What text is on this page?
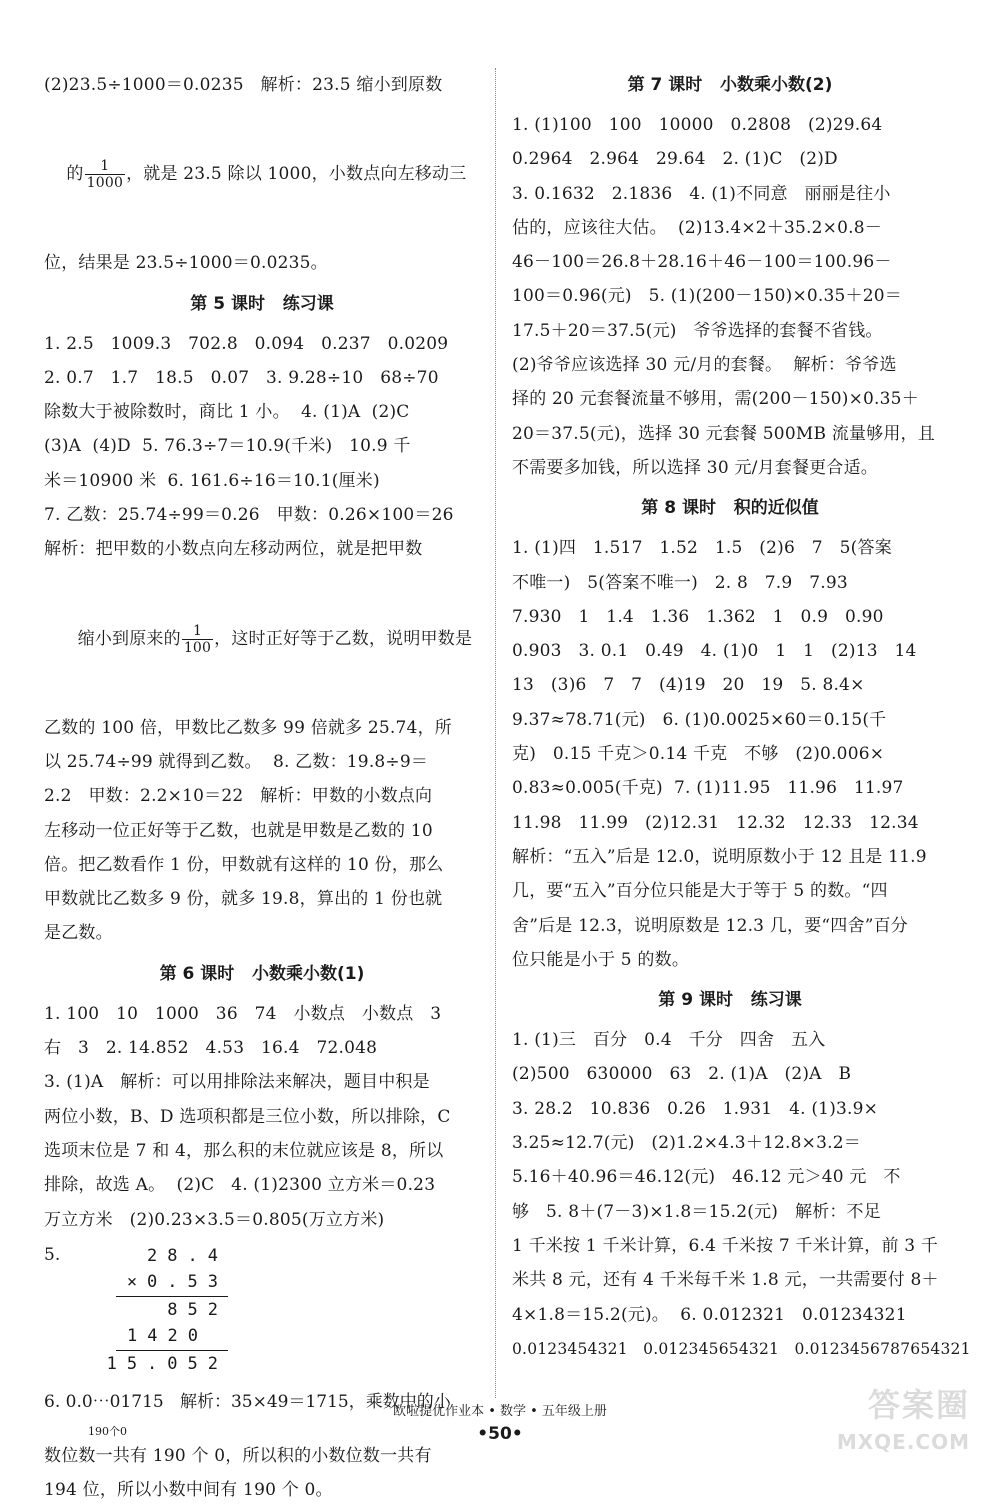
(2)23.5÷1000＝0.0235   解析：23.5 缩小到原数

的 $\frac{1}{1000}$ ，就是 23.5 除以 1000，小数点向左移动三

位，结果是 23.5÷1000＝0.0235。

第 5 课时   练习课

1. 2.5   1009.3   702.8   0.094   0.237   0.0209

2. 0.7   1.7   18.5   0.07   3. 9.28÷10   68÷70

除数大于被除数时，商比 1 小。  4. (1)A  (2)C

(3)A  (4)D  5. 76.3÷7＝10.9(千米)   10.9 千

米＝10900 米  6. 161.6÷16＝10.1(厘米)

7. 乙数：25.74÷99＝0.26   甲数：0.26×100＝26

解析：把甲数的小数点向左移动两位，就是把甲数

缩小到原来的 $\frac{1}{100}$ ，这时正好等于乙数，说明甲数是

乙数的 100 倍，甲数比乙数多 99 倍就多 25.74，所

以 25.74÷99 就得到乙数。  8. 乙数：19.8÷9＝

2.2   甲数：2.2×10＝22   解析：甲数的小数点向

左移动一位正好等于乙数，也就是甲数是乙数的 10

倍。把乙数看作 1 份，甲数就有这样的 10 份，那么

甲数就比乙数多 9 份，就多 19.8，算出的 1 份也就

是乙数。

第 6 课时   小数乘小数(1)

1. 100   10   1000   36   74   小数点   小数点   3

右   3   2. 14.852   4.53   16.4   72.048

3. (1)A   解析：可以用排除法来解决，题目中积是

两位小数，B、D 选项积都是三位小数，所以排除，C

选项末位是 7 和 4，那么积的末位就应该是 8，所以

排除，故选 A。  (2)C   4. (1)2300 立方米＝0.23

万立方米   (2)0.23×3.5＝0.805(万立方米)

5.	28.4
×0.53
852
1420
15.052
6. 0.0⋯01715   解析：35×49＝1715，乘数中的小
190个0

数位数一共有 190 个 0，所以积的小数位数一共有

194 位，所以小数中间有 190 个 0。

第 7 课时   小数乘小数(2)

1. (1)100   100   10000   0.2808   (2)29.64

0.2964   2.964   29.64   2. (1)C   (2)D

3. 0.1632   2.1836   4. (1)不同意   丽丽是往小

估的，应该往大估。  (2)13.4×2＋35.2×0.8－

46－100＝26.8＋28.16＋46－100＝100.96－

100＝0.96(元)   5. (1)(200－150)×0.35＋20＝

17.5＋20＝37.5(元)   爷爷选择的套餐不省钱。

(2)爷爷应该选择 30 元/月的套餐。  解析：爷爷选

择的 20 元套餐流量不够用，需(200－150)×0.35＋

20＝37.5(元)，选择 30 元套餐 500MB 流量够用，且

不需要多加钱，所以选择 30 元/月套餐更合适。

第 8 课时   积的近似值

1. (1)四   1.517   1.52   1.5   (2)6   7   5(答案

不唯一)   5(答案不唯一)   2. 8   7.9   7.93

7.930   1   1.4   1.36   1.362   1   0.9   0.90

0.903   3. 0.1   0.49   4. (1)0   1   1   (2)13   14

13   (3)6   7   7   (4)19   20   19   5. 8.4×

9.37≈78.71(元)   6. (1)0.0025×60＝0.15(千

克)   0.15 千克＞0.14 千克   不够   (2)0.006×

0.83≈0.005(千克)  7. (1)11.95   11.96   11.97

11.98   11.99   (2)12.31   12.32   12.33   12.34

解析：“五入”后是 12.0，说明原数小于 12 且是 11.9

几，要“五入”百分位只能是大于等于 5 的数。“四

舍”后是 12.3，说明原数是 12.3 几，要“四舍”百分

位只能是小于 5 的数。

第 9 课时   练习课

1. (1)三   百分   0.4   千分   四舍   五入

(2)500   630000   63   2. (1)A   (2)A   B

3. 28.2   10.836   0.26   1.931   4. (1)3.9×

3.25≈12.7(元)   (2)1.2×4.3＋12.8×3.2＝

5.16＋40.96＝46.12(元)   46.12 元＞40 元   不

够   5. 8＋(7－3)×1.8＝15.2(元)   解析：不足

1 千米按 1 千米计算，6.4 千米按 7 千米计算，前 3 千

米共 8 元，还有 4 千米每千米 1.8 元，一共需要付 8＋

4×1.8＝15.2(元)。  6. 0.012321   0.01234321

0.0123454321   0.012345654321   0.0123456787654321

欧啦提优作业本 • 数学 • 五年级上册
•50•
答案圈
MXQE.COM
